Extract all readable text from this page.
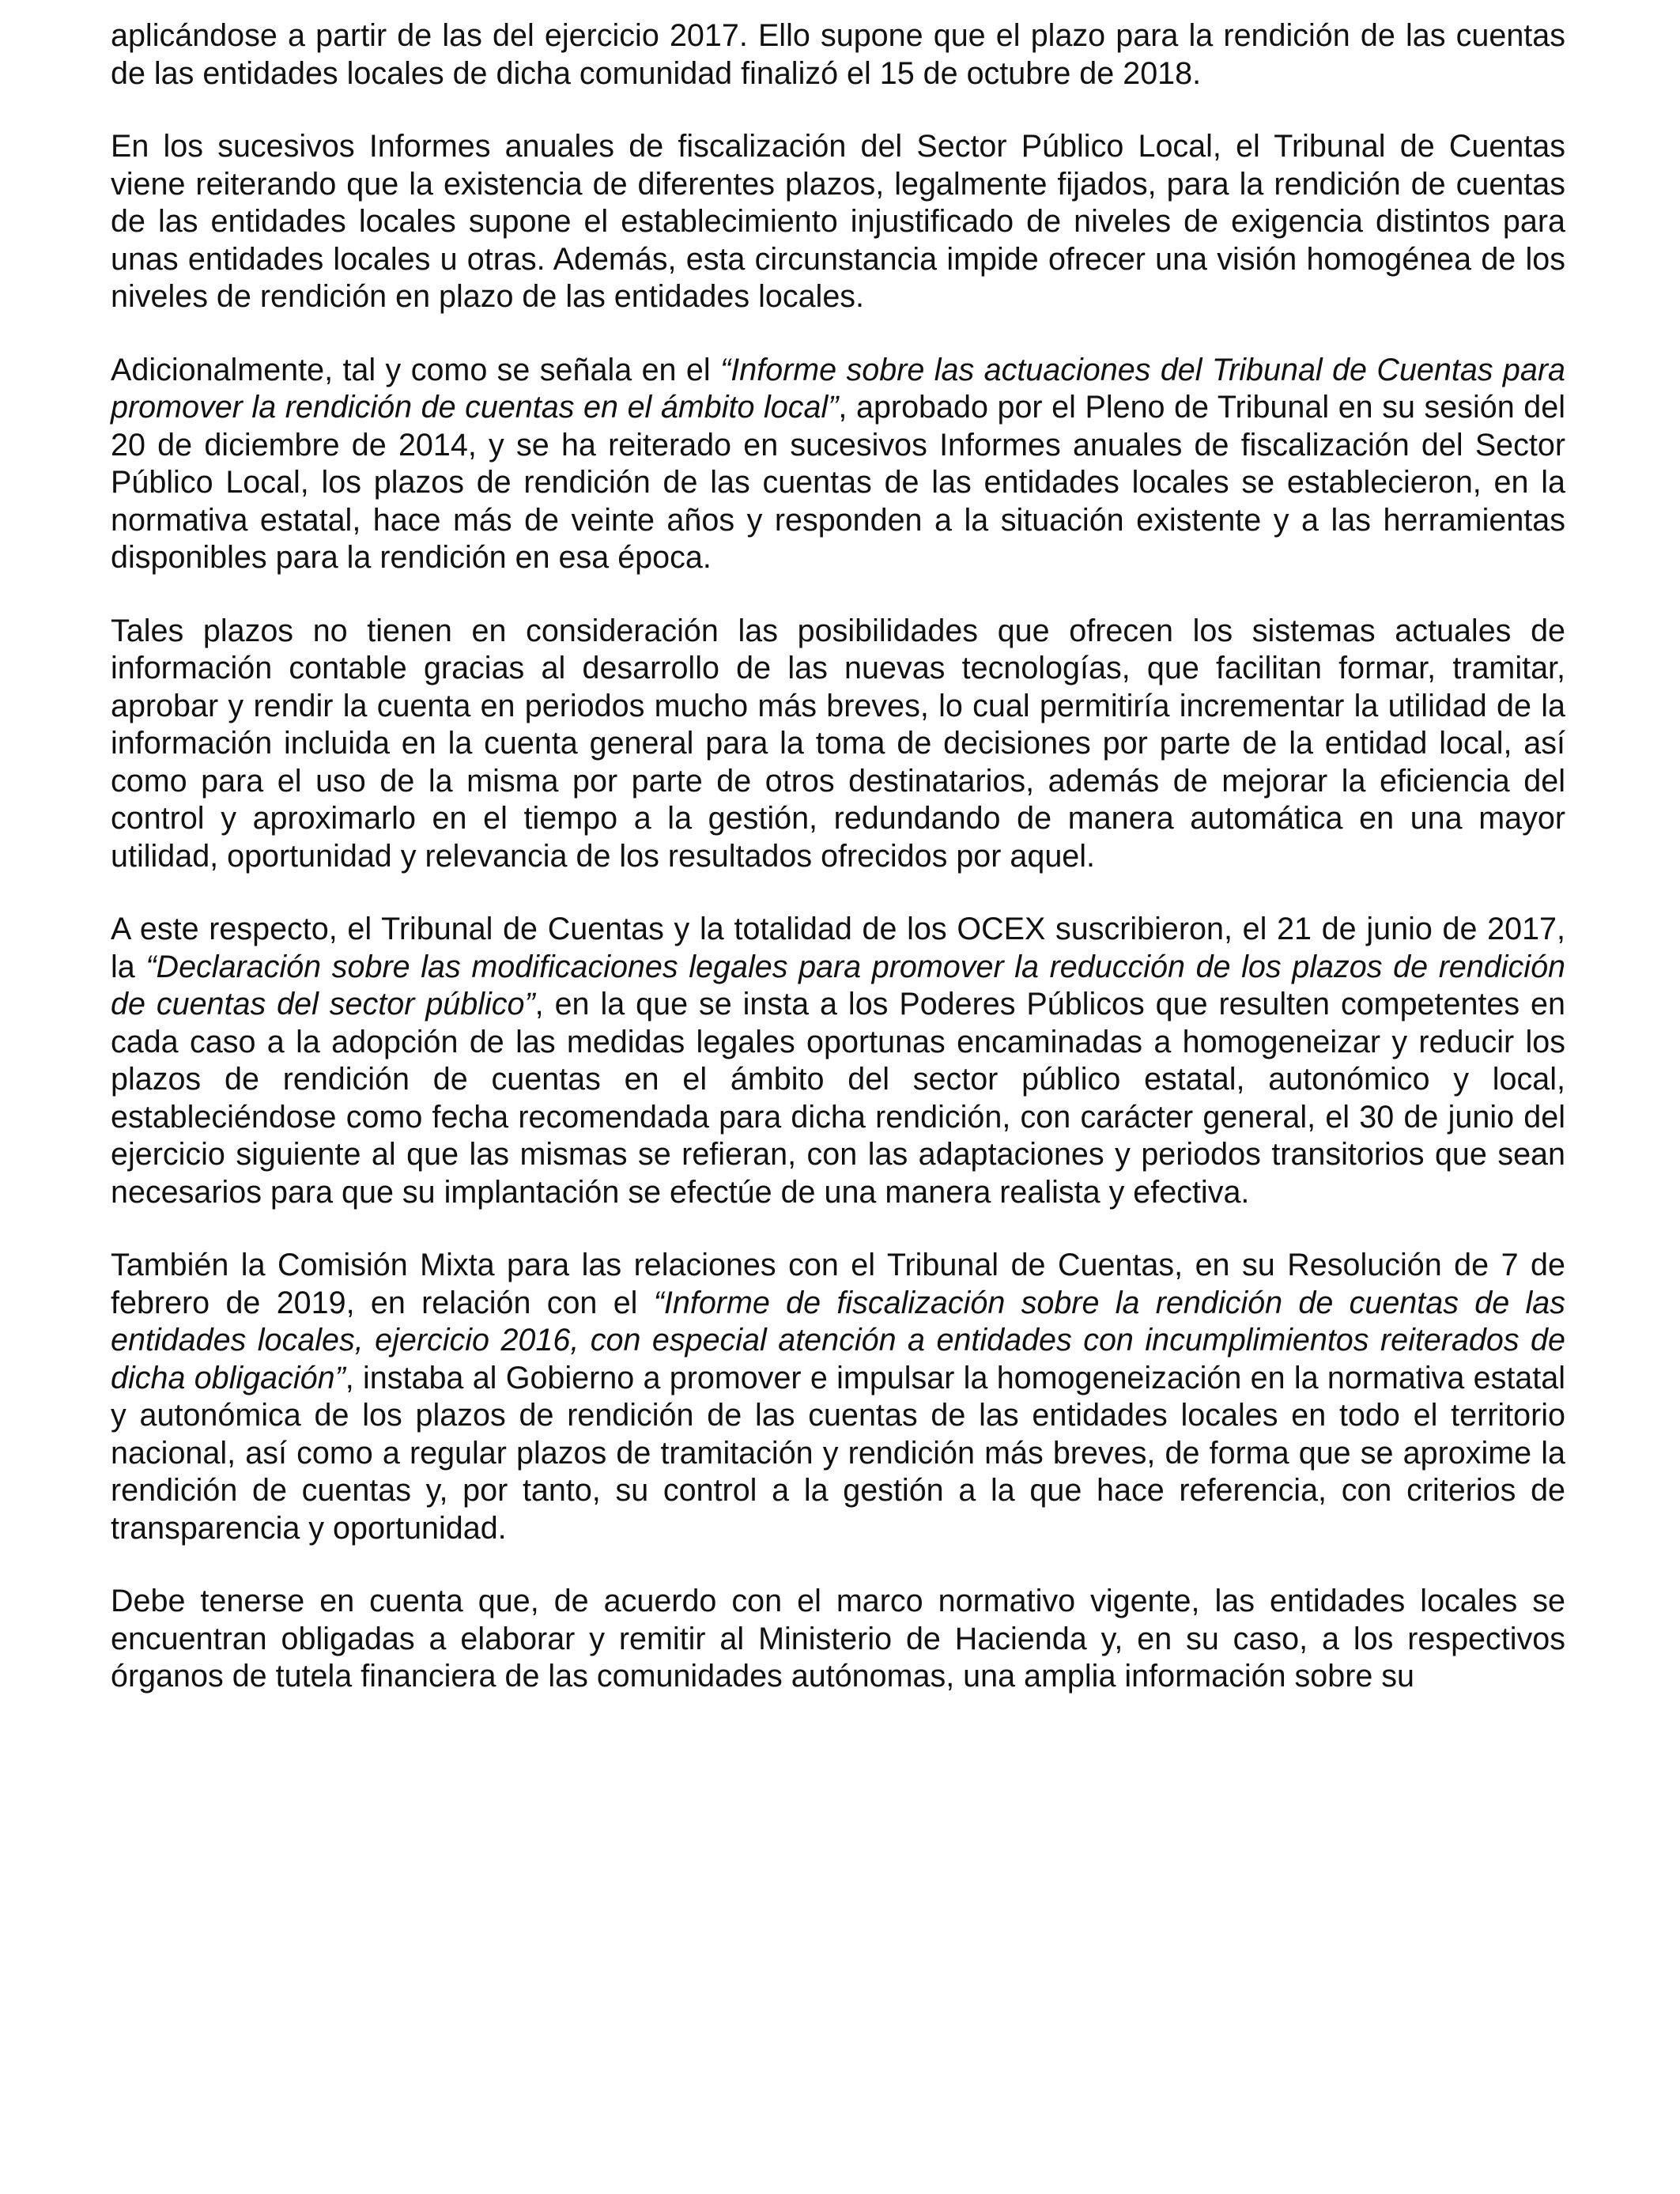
aplicándose a partir de las del ejercicio 2017. Ello supone que el plazo para la rendición de las cuentas de las entidades locales de dicha comunidad finalizó el 15 de octubre de 2018.

En los sucesivos Informes anuales de fiscalización del Sector Público Local, el Tribunal de Cuentas viene reiterando que la existencia de diferentes plazos, legalmente fijados, para la rendición de cuentas de las entidades locales supone el establecimiento injustificado de niveles de exigencia distintos para unas entidades locales u otras. Además, esta circunstancia impide ofrecer una visión homogénea de los niveles de rendición en plazo de las entidades locales.

Adicionalmente, tal y como se señala en el “Informe sobre las actuaciones del Tribunal de Cuentas para promover la rendición de cuentas en el ámbito local”, aprobado por el Pleno de Tribunal en su sesión del 20 de diciembre de 2014, y se ha reiterado en sucesivos Informes anuales de fiscalización del Sector Público Local, los plazos de rendición de las cuentas de las entidades locales se establecieron, en la normativa estatal, hace más de veinte años y responden a la situación existente y a las herramientas disponibles para la rendición en esa época.

Tales plazos no tienen en consideración las posibilidades que ofrecen los sistemas actuales de información contable gracias al desarrollo de las nuevas tecnologías, que facilitan formar, tramitar, aprobar y rendir la cuenta en periodos mucho más breves, lo cual permitiría incrementar la utilidad de la información incluida en la cuenta general para la toma de decisiones por parte de la entidad local, así como para el uso de la misma por parte de otros destinatarios, además de mejorar la eficiencia del control y aproximarlo en el tiempo a la gestión, redundando de manera automática en una mayor utilidad, oportunidad y relevancia de los resultados ofrecidos por aquel.

A este respecto, el Tribunal de Cuentas y la totalidad de los OCEX suscribieron, el 21 de junio de 2017, la “Declaración sobre las modificaciones legales para promover la reducción de los plazos de rendición de cuentas del sector público”, en la que se insta a los Poderes Públicos que resulten competentes en cada caso a la adopción de las medidas legales oportunas encaminadas a homogeneizar y reducir los plazos de rendición de cuentas en el ámbito del sector público estatal, autonómico y local, estableciéndose como fecha recomendada para dicha rendición, con carácter general, el 30 de junio del ejercicio siguiente al que las mismas se refieran, con las adaptaciones y periodos transitorios que sean necesarios para que su implantación se efectúe de una manera realista y efectiva.

También la Comisión Mixta para las relaciones con el Tribunal de Cuentas, en su Resolución de 7 de febrero de 2019, en relación con el “Informe de fiscalización sobre la rendición de cuentas de las entidades locales, ejercicio 2016, con especial atención a entidades con incumplimientos reiterados de dicha obligación”, instaba al Gobierno a promover e impulsar la homogeneización en la normativa estatal y autonómica de los plazos de rendición de las cuentas de las entidades locales en todo el territorio nacional, así como a regular plazos de tramitación y rendición más breves, de forma que se aproxime la rendición de cuentas y, por tanto, su control a la gestión a la que hace referencia, con criterios de transparencia y oportunidad.

Debe tenerse en cuenta que, de acuerdo con el marco normativo vigente, las entidades locales se encuentran obligadas a elaborar y remitir al Ministerio de Hacienda y, en su caso, a los respectivos órganos de tutela financiera de las comunidades autónomas, una amplia información sobre su
